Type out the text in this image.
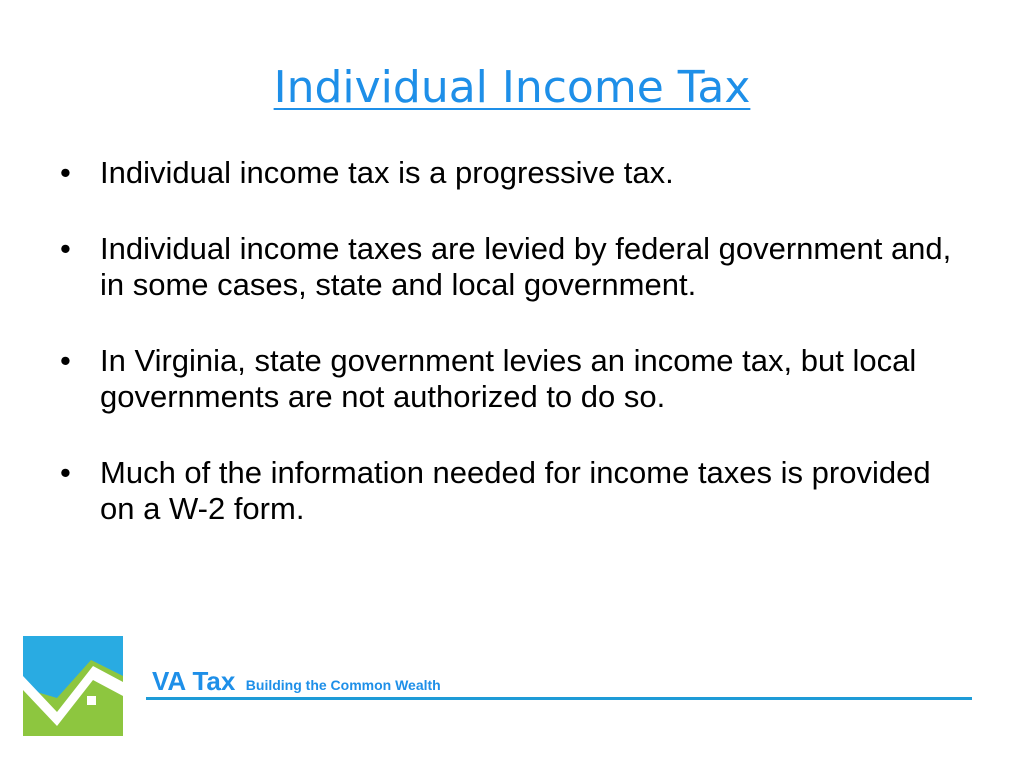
Individual Income Tax
• Individual income tax is a progressive tax.
• Individual income taxes are levied by federal government and, in some cases, state and local government.
• In Virginia, state government levies an income tax, but local governments are not authorized to do so.
• Much of the information needed for income taxes is provided on a W-2 form.
VA Tax Building the Common Wealth
